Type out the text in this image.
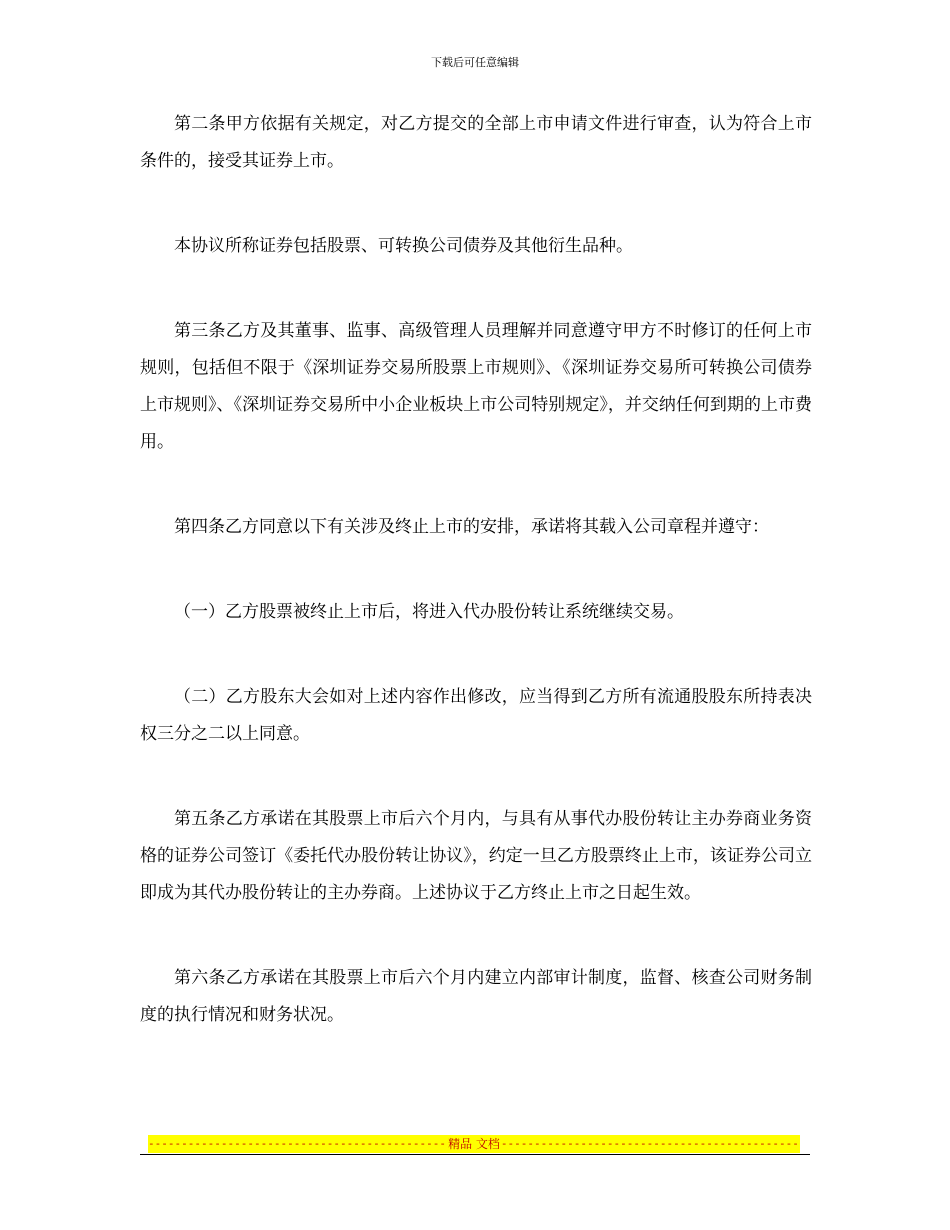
下载后可任意编辑

第二条甲方依据有关规定，对乙方提交的全部上市申请文件进行审查，认为符合上市条件的，接受其证券上市。

本协议所称证券包括股票、可转换公司债券及其他衍生品种。

第三条乙方及其董事、监事、高级管理人员理解并同意遵守甲方不时修订的任何上市规则，包括但不限于《深圳证券交易所股票上市规则》、《深圳证券交易所可转换公司债券上市规则》、《深圳证券交易所中小企业板块上市公司特别规定》，并交纳任何到期的上市费用。

第四条乙方同意以下有关涉及终止上市的安排，承诺将其载入公司章程并遵守：

（一）乙方股票被终止上市后，将进入代办股份转让系统继续交易。

（二）乙方股东大会如对上述内容作出修改，应当得到乙方所有流通股股东所持表决权三分之二以上同意。

第五条乙方承诺在其股票上市后六个月内，与具有从事代办股份转让主办券商业务资格的证券公司签订《委托代办股份转让协议》，约定一旦乙方股票终止上市，该证券公司立即成为其代办股份转让的主办券商。上述协议于乙方终止上市之日起生效。

第六条乙方承诺在其股票上市后六个月内建立内部审计制度，监督、核查公司财务制度的执行情况和财务状况。

-----
精品 文档
-----
